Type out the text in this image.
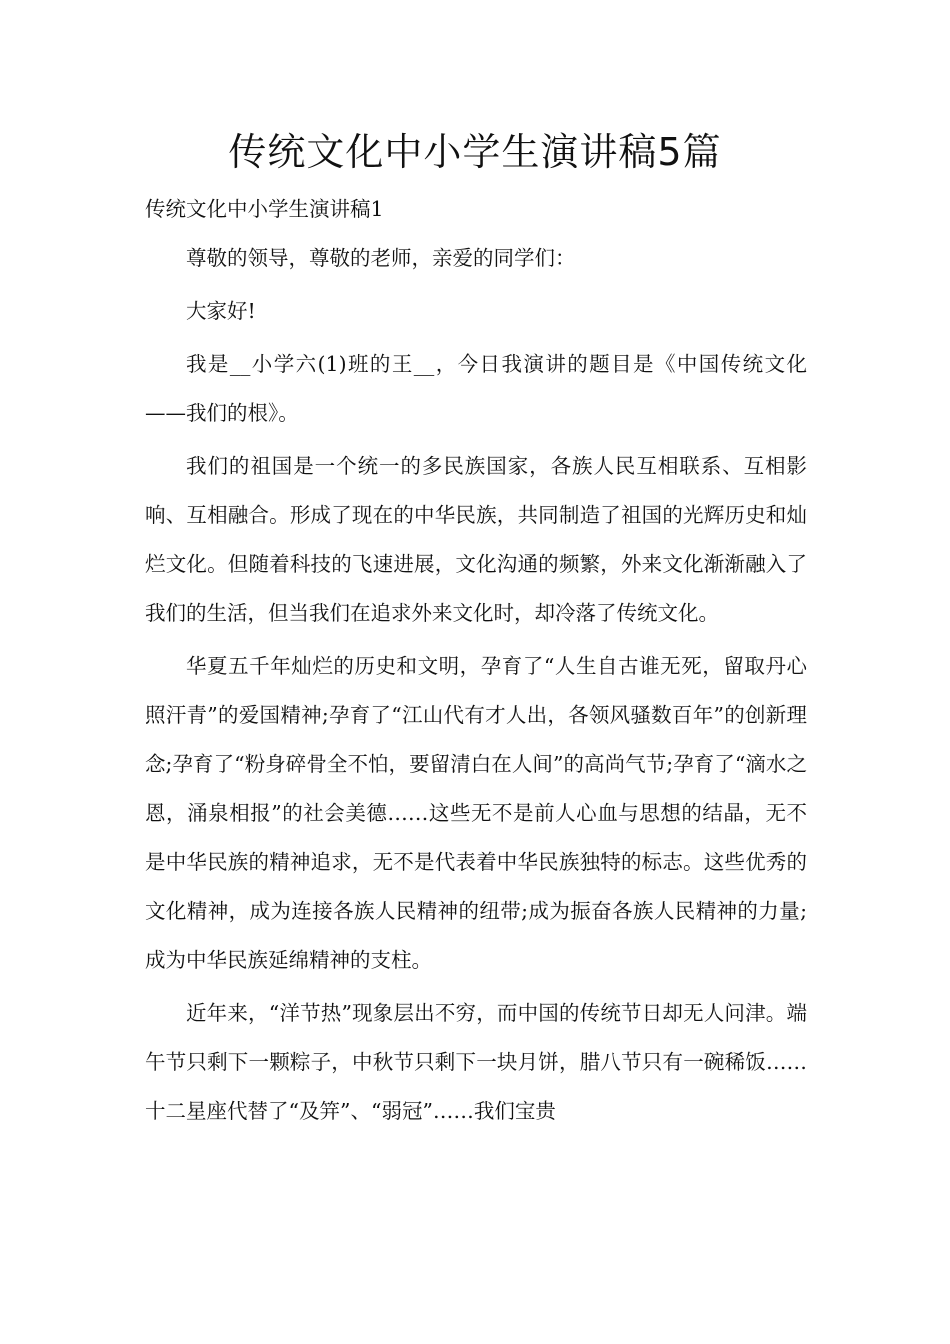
传统文化中小学生演讲稿5篇

传统文化中小学生演讲稿1

尊敬的领导，尊敬的老师，亲爱的同学们：

大家好!

我是__小学六(1)班的王__，今日我演讲的题目是《中国传统文化——我们的根》。

我们的祖国是一个统一的多民族国家，各族人民互相联系、互相影响、互相融合。形成了现在的中华民族，共同制造了祖国的光辉历史和灿烂文化。但随着科技的飞速进展，文化沟通的频繁，外来文化渐渐融入了我们的生活，但当我们在追求外来文化时，却冷落了传统文化。

华夏五千年灿烂的历史和文明，孕育了“人生自古谁无死，留取丹心照汗青”的爱国精神;孕育了“江山代有才人出，各领风骚数百年”的创新理念;孕育了“粉身碎骨全不怕，要留清白在人间”的高尚气节;孕育了“滴水之恩，涌泉相报”的社会美德……这些无不是前人心血与思想的结晶，无不是中华民族的精神追求，无不是代表着中华民族独特的标志。这些优秀的文化精神，成为连接各族人民精神的纽带;成为振奋各族人民精神的力量;成为中华民族延绵精神的支柱。

近年来，“洋节热”现象层出不穷，而中国的传统节日却无人问津。端午节只剩下一颗粽子，中秋节只剩下一块月饼，腊八节只有一碗稀饭……十二星座代替了“及笄”、“弱冠”……我们宝贵
